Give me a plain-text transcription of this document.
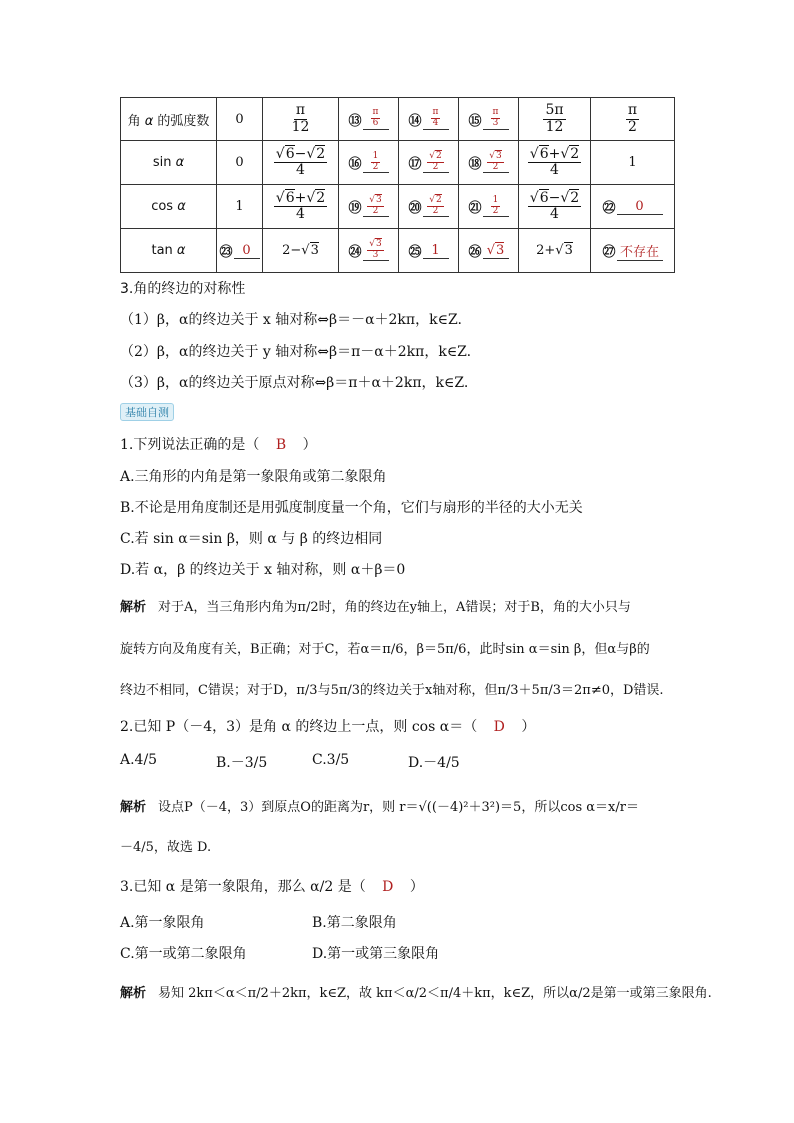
角 α 的弧度数	0	$\frac{\pi}{12}$	⑬ $\frac{\pi}{6}$	⑭ $\frac{\pi}{4}$	⑮ $\frac{\pi}{3}$	$\frac{5\pi}{12}$	$\frac{\pi}{2}$

sin α	0	$\frac{√6-√2}{4}$	⑯ $\frac{1}{2}$	⑰ $\frac{√2}{2}$	⑱ $\frac{√3}{2}$	$\frac{√6+√2}{4}$	1
cos α	1	$\frac{√6+√2}{4}$	⑲ $\frac{√3}{2}$	⑳ $\frac{√2}{2}$	㉑ $\frac{1}{2}$	$\frac{√6-√2}{4}$	㉒ 0

tan α	㉓ 0	2−√3	㉔ $\frac{√3}{3}$	㉕ 1	㉖ √3	2+√3	㉗ 不存在
3.角的终边的对称性
（1）β，α的终边关于 x 轴对称⇔β＝－α＋2kπ，k∈Z.
（2）β，α的终边关于 y 轴对称⇔β＝π－α＋2kπ，k∈Z.
（3）β，α的终边关于原点对称⇔β＝π＋α＋2kπ，k∈Z.
基础自测
1.下列说法正确的是（ B ）
A.三角形的内角是第一象限角或第二象限角
B.不论是用角度制还是用弧度制度量一个角，它们与扇形的半径的大小无关
C.若 sin α＝sin β，则 α 与 β 的终边相同
D.若 α，β 的终边关于 x 轴对称，则 α＋β＝0
解析 对于A，当三角形内角为π/2时，角的终边在y轴上，A错误；对于B，角的大小只与
旋转方向及角度有关，B正确；对于C，若α＝π/6，β＝5π/6，此时sin α＝sin β，但α与β的
终边不相同，C错误；对于D，π/3与5π/3的终边关于x轴对称，但π/3＋5π/3＝2π≠0，D错误.
2.已知 P（－4，3）是角 α 的终边上一点，则 cos α＝（ D ）
A.4/5	B.－3/5	C.3/5	D.－4/5
解析 设点P（－4，3）到原点O的距离为r，则 r＝√((－4)²＋3²)＝5，所以cos α＝x/r＝
－4/5，故选 D.
3.已知 α 是第一象限角，那么 α/2 是（ D ）
A.第一象限角	B.第二象限角
C.第一或第二象限角	D.第一或第三象限角
解析 易知 2kπ＜α＜π/2＋2kπ，k∈Z，故 kπ＜α/2＜π/4＋kπ，k∈Z，所以α/2是第一或第三象限角.
